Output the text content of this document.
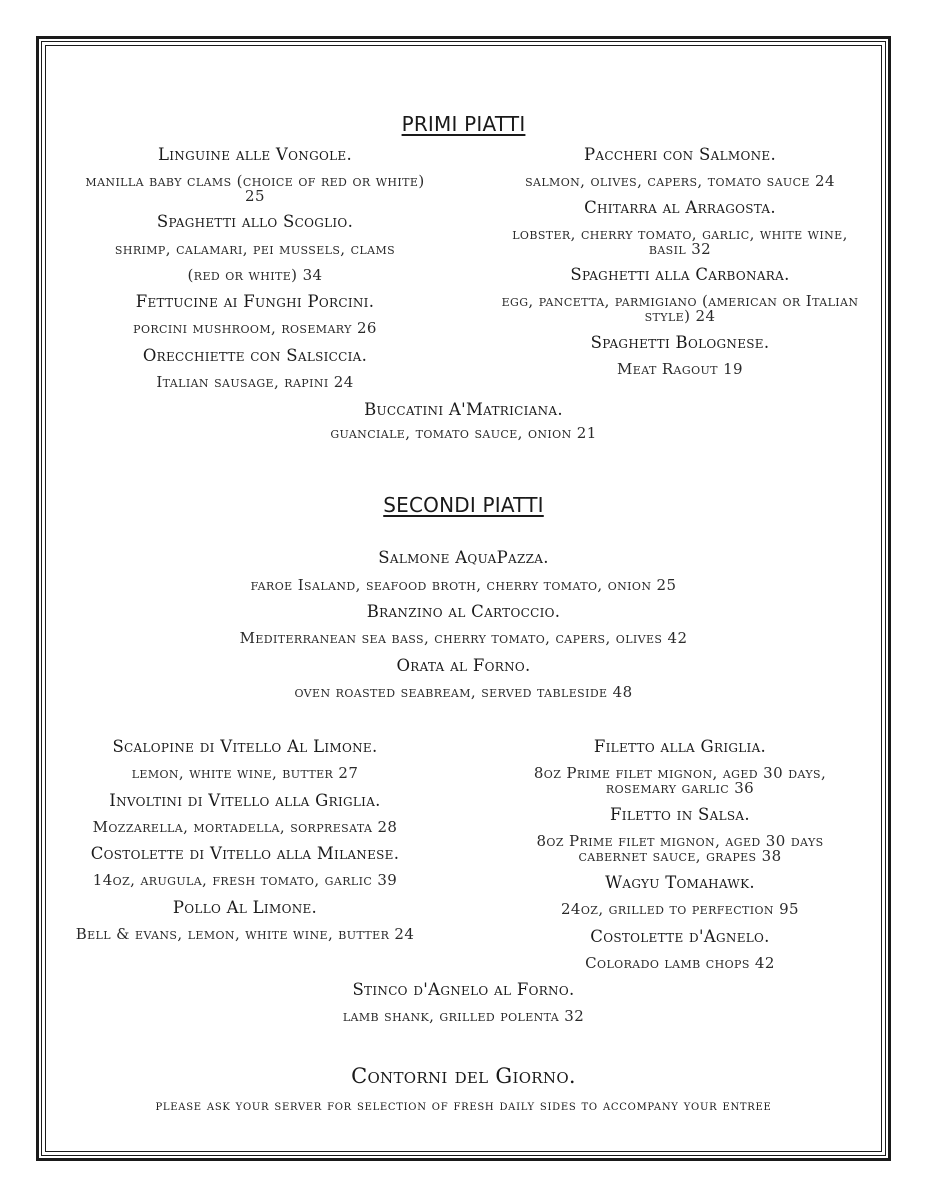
PRIMI PIATTI
Linguine alle Vongole.
manilla baby clams (choice of red or white) 25
Spaghetti allo Scoglio.
shrimp, calamari, pei mussels, clams
(red or white) 34
Fettucine ai Funghi Porcini.
porcini mushroom, rosemary 26
Orecchiette con Salsiccia.
Italian sausage, rapini 24
Paccheri con Salmone.
salmon, olives, capers, tomato sauce 24
Chitarra al Arragosta.
lobster, cherry tomato, garlic, white wine, basil 32
Spaghetti alla Carbonara.
egg, pancetta, parmigiano (american or Italian style) 24
Spaghetti Bolognese.
Meat Ragout 19
Buccatini A'Matriciana.
guanciale, tomato sauce, onion 21
SECONDI PIATTI
Salmone AquaPazza.
faroe Isaland, seafood broth, cherry tomato, onion 25
Branzino al Cartoccio.
Mediterranean sea bass, cherry tomato, capers, olives 42
Orata al Forno.
oven roasted seabream, served tableside 48
Scalopine di Vitello Al Limone.
lemon, white wine, butter 27
Involtini di Vitello alla Griglia.
Mozzarella, mortadella, sorpresata 28
Costolette di Vitello alla Milanese.
14oz, arugula, fresh tomato, garlic 39
Pollo Al Limone.
Bell & evans, lemon, white wine, butter 24
Filetto alla Griglia.
8oz Prime filet mignon, aged 30 days, rosemary garlic 36
Filetto in Salsa.
8oz Prime filet mignon, aged 30 days cabernet sauce, grapes 38
Wagyu Tomahawk.
24oz, grilled to perfection 95
Costolette d'Agnelo.
Colorado lamb chops 42
Stinco d'Agnelo al Forno.
lamb shank, grilled polenta 32
Contorni del Giorno.
please ask your server for selection of fresh daily sides to accompany your entree
